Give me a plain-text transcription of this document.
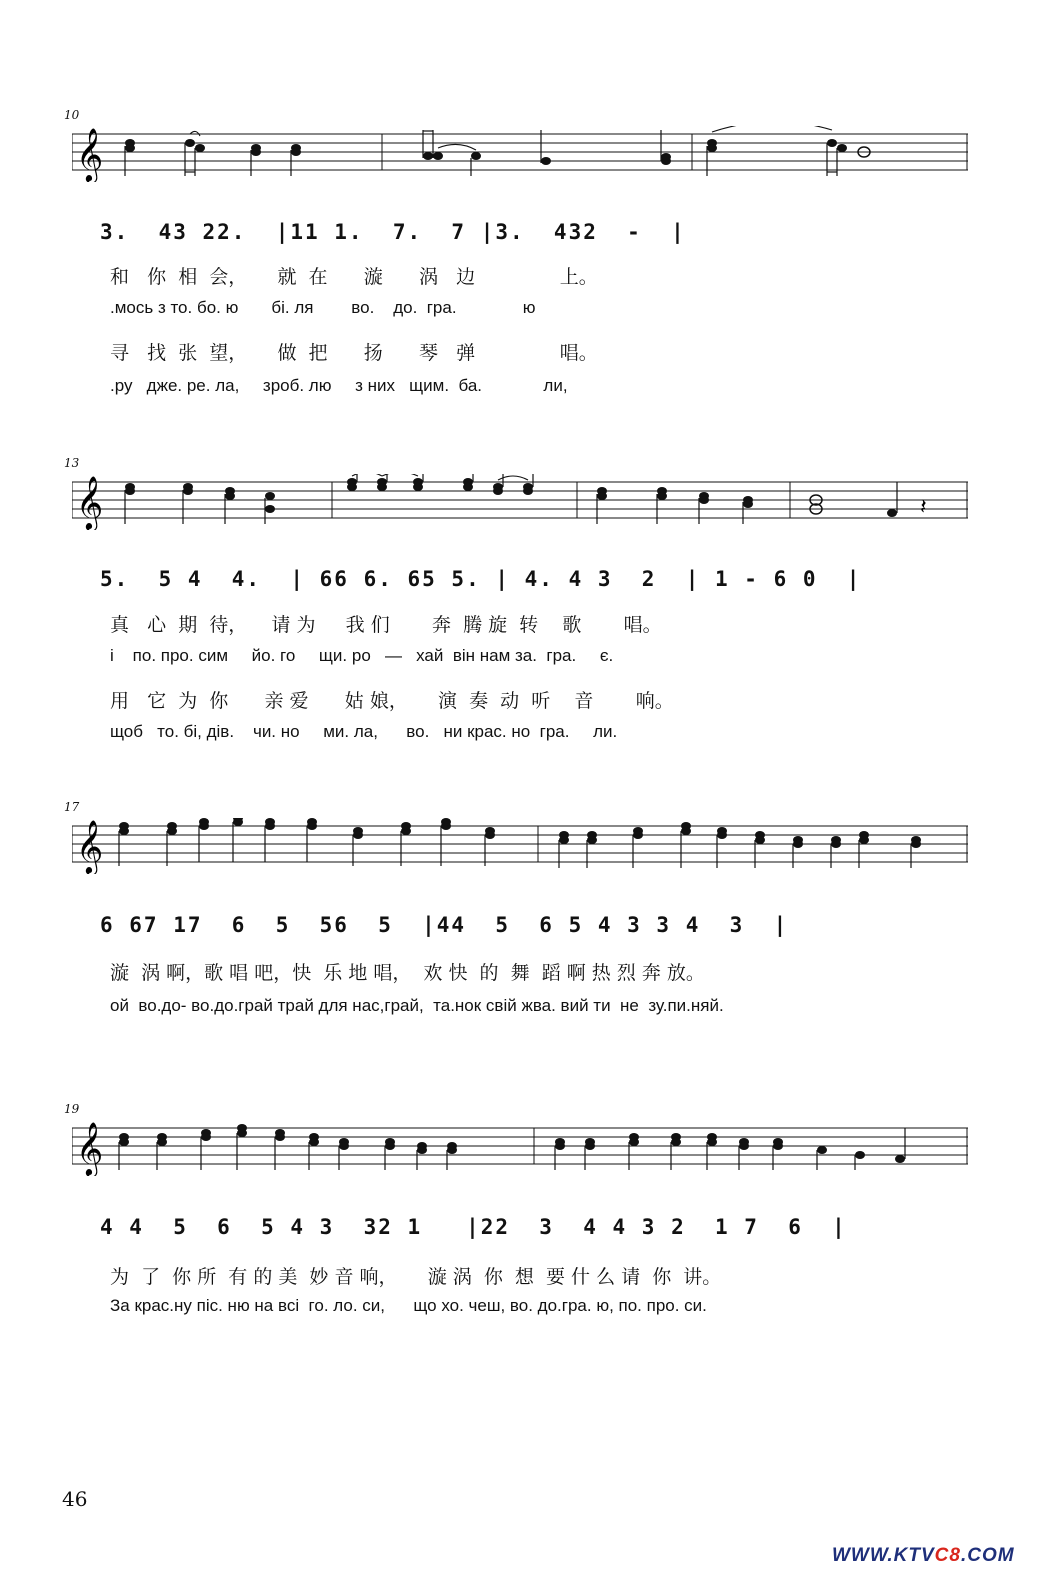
10
𝄞
3.  43 22.  |11 1.  7.  7 |3.  432  -  |
和   你  相  会，     就  在      漩      涡   边              上。
.мось з то. бо. ю       бі. ля        во.    до.  гра.              ю
寻   找  张  望，     做  把      扬      琴   弹              唱。
.ру   дже. ре. ла,     зроб. лю     з них   щим.  ба.             ли,
13
𝄞	𝄽
5.  5 4  4.  | 66 6. 65 5. | 4. 4 3  2  | 1 - 6 0  |
真   心  期  待，    请 为     我 们       奔  腾 旋  转    歌       唱。
і    по. про. сим     йо. го     щи. ро   —   хай  він нам за.  гра.     є.
用   它  为  你      亲 爱      姑 娘，     演  奏  动  听    音       响。
щоб   то. бі, дів.    чи. но     ми. ла,      во.   ни крас. но  гра.     ли.
17
𝄞
6 67 17  6  5  56  5  |44  5  6 5 4 3 3 4  3  |
漩  涡 啊，歌 唱 吧，快  乐 地 唱，  欢 快  的  舞  蹈 啊 热 烈 奔 放。
ой  во.до- во.до.грай трай для нас,грай,  та.нок свій жва. вий ти  не  зу.пи.няй.
19
𝄞
4 4  5  6  5 4 3  32 1   |22  3  4 4 3 2  1 7  6  |
为  了  你 所  有 的 美  妙 音 响，     漩 涡  你  想  要 什 么 请  你  讲。
За крас.ну піс. ню на всі  го. ло. си,      що хо. чеш, во. до.гра. ю, по. про. си.
46
WWW.KTVC8.COM
